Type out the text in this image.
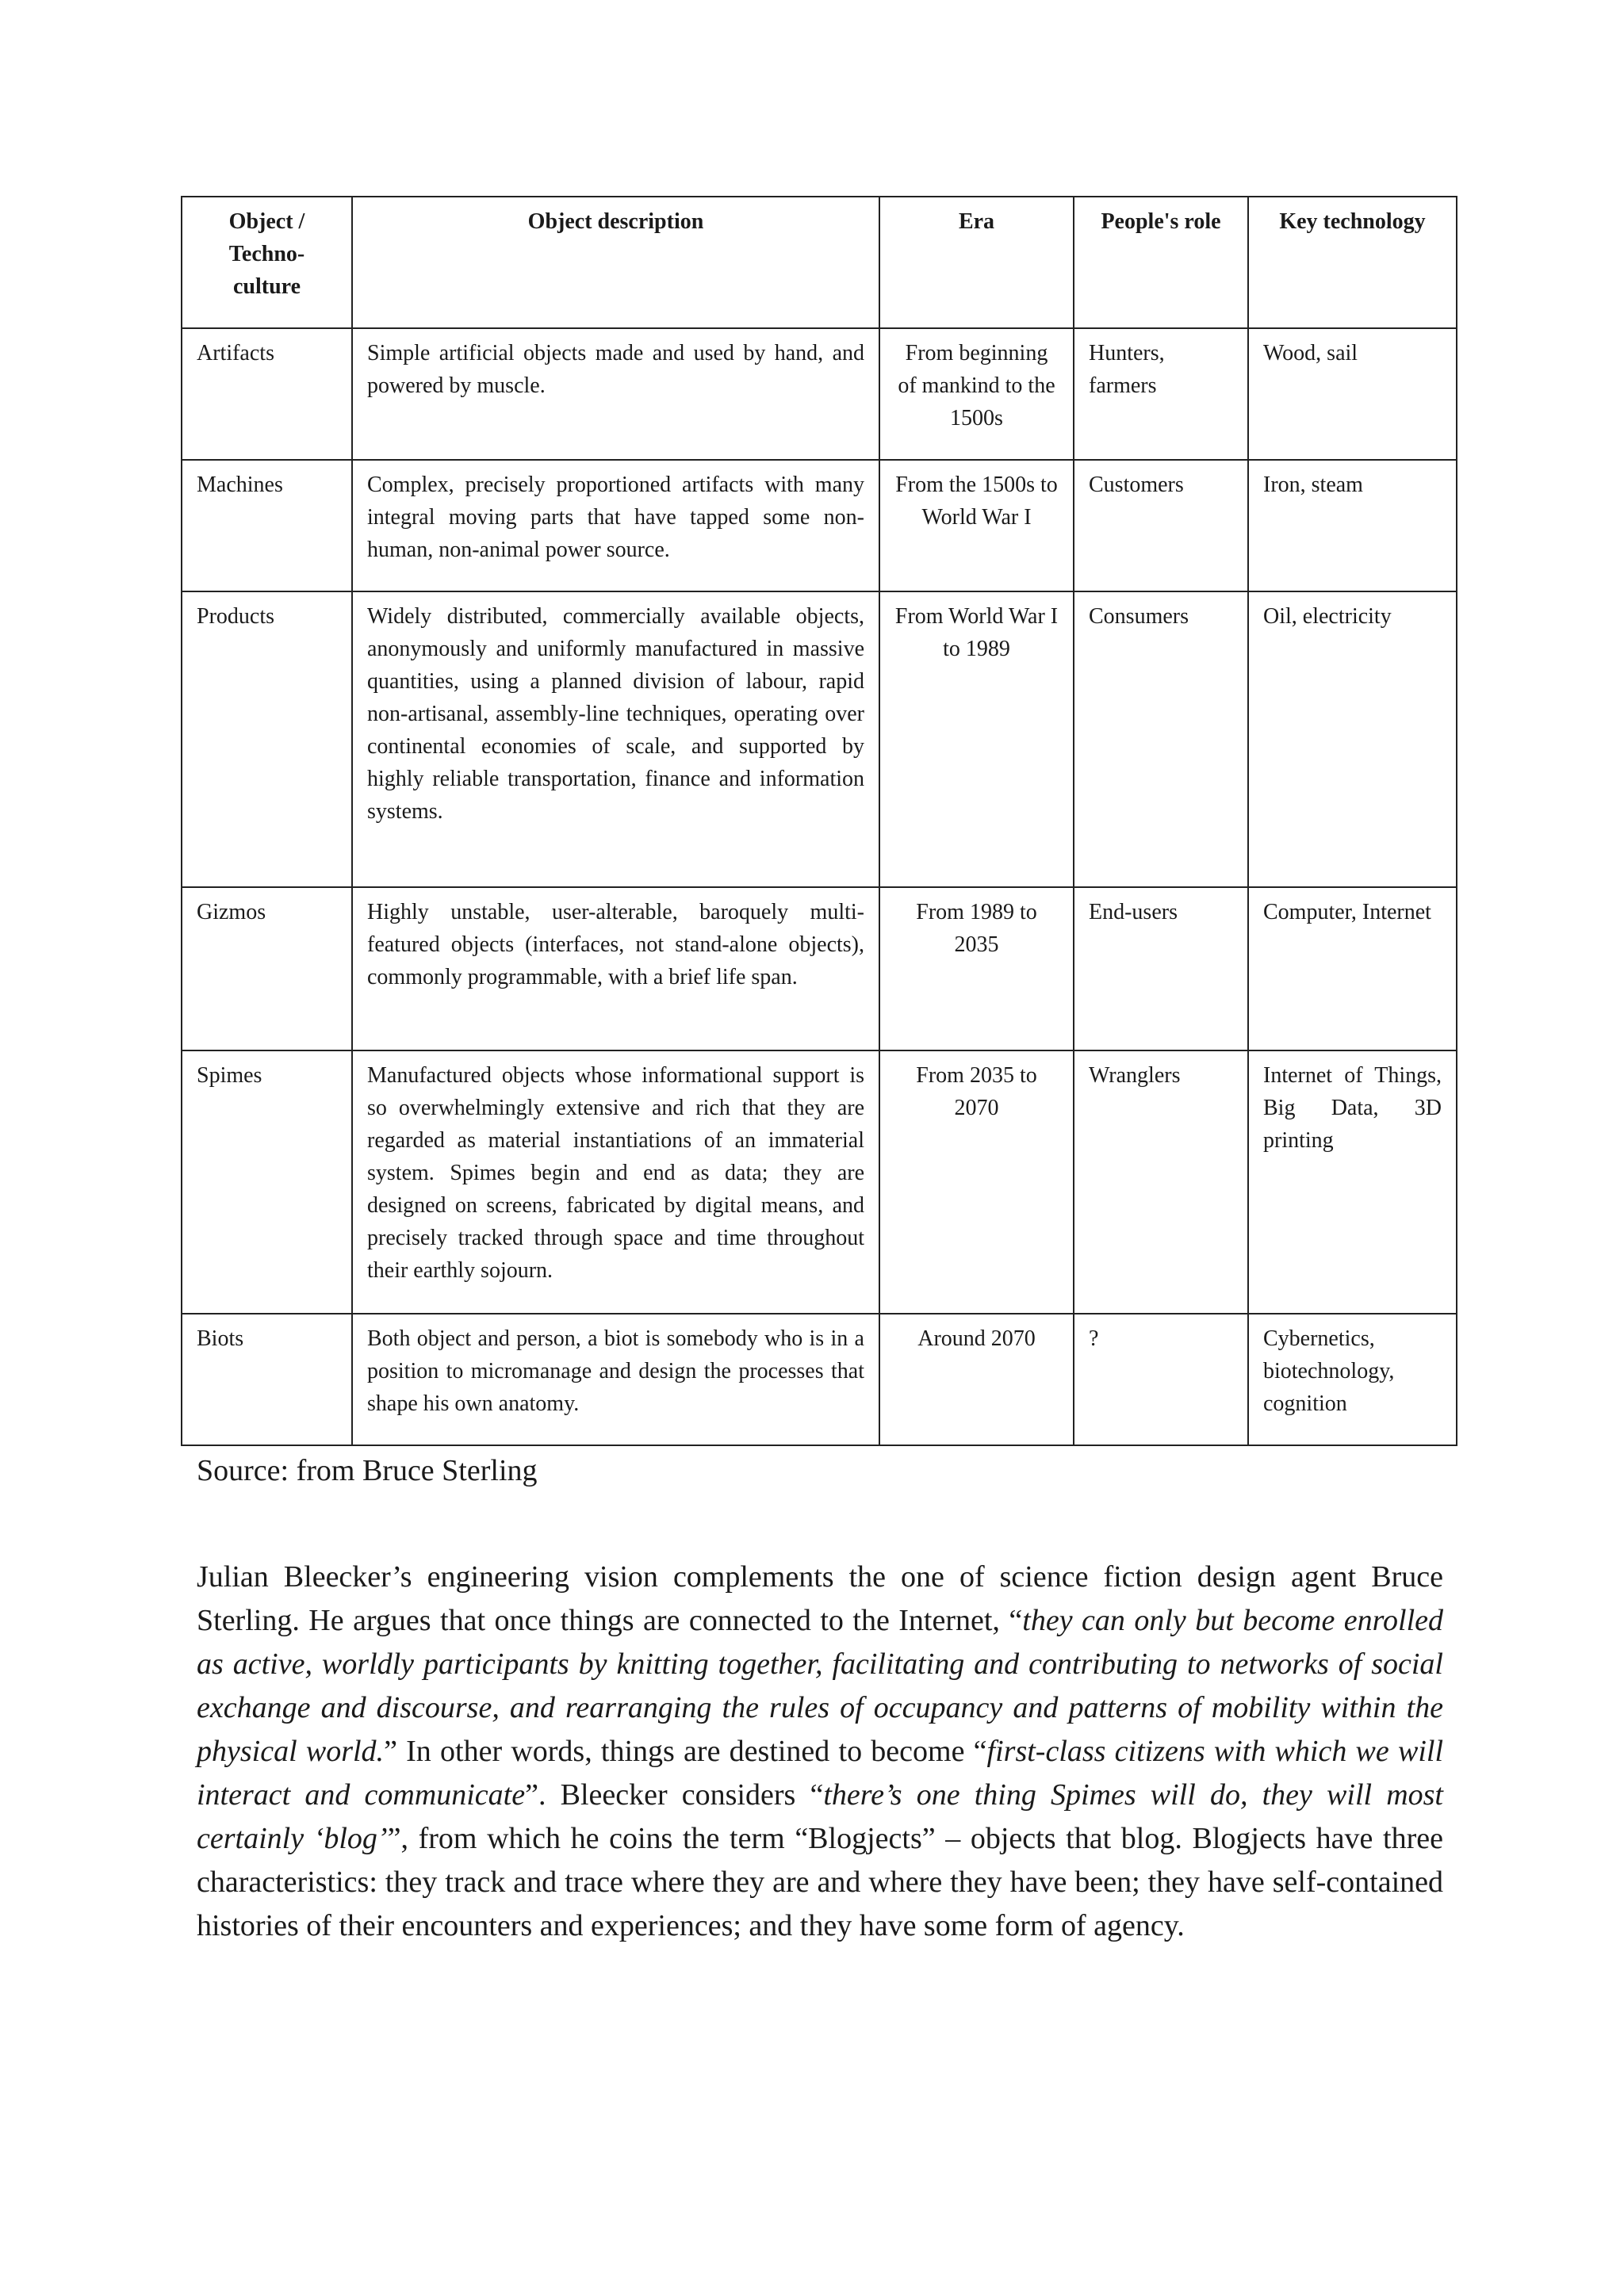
Object / Techno-culture	Object description	Era	People's role	Key technology
Artifacts	Simple artificial objects made and used by hand, and powered by muscle.	From beginning of mankind to the 1500s	Hunters, farmers	Wood, sail
Machines	Complex, precisely proportioned artifacts with many integral moving parts that have tapped some non-human, non-animal power source.	From the 1500s to World War I	Customers	Iron, steam
Products	Widely distributed, commercially available objects, anonymously and uniformly manufactured in massive quantities, using a planned division of labour, rapid non-artisanal, assembly-line techniques, operating over continental economies of scale, and supported by highly reliable transportation, finance and information systems.	From World War I to 1989	Consumers	Oil, electricity
Gizmos	Highly unstable, user-alterable, baroquely multi-featured objects (interfaces, not stand-alone objects), commonly programmable, with a brief life span.	From 1989 to 2035	End-users	Computer, Internet
Spimes	Manufactured objects whose informational support is so overwhelmingly extensive and rich that they are regarded as material instantiations of an immaterial system. Spimes begin and end as data; they are designed on screens, fabricated by digital means, and precisely tracked through space and time throughout their earthly sojourn.	From 2035 to 2070	Wranglers	Internet of Things, Big Data, 3D printing
Biots	Both object and person, a biot is somebody who is in a position to micromanage and design the processes that shape his own anatomy.	Around 2070	?	Cybernetics, biotechnology, cognition
Source: from Bruce Sterling

Julian Bleecker’s engineering vision complements the one of science fiction design agent Bruce Sterling. He argues that once things are connected to the Internet, “they can only but become enrolled as active, worldly participants by knitting together, facilitating and contributing to networks of social exchange and discourse, and rearranging the rules of occupancy and patterns of mobility within the physical world.” In other words, things are destined to become “first-class citizens with which we will interact and communicate”. Bleecker considers “there’s one thing Spimes will do, they will most certainly ‘blog’”, from which he coins the term “Blogjects” – objects that blog. Blogjects have three characteristics: they track and trace where they are and where they have been; they have self-contained histories of their encounters and experiences; and they have some form of agency.
